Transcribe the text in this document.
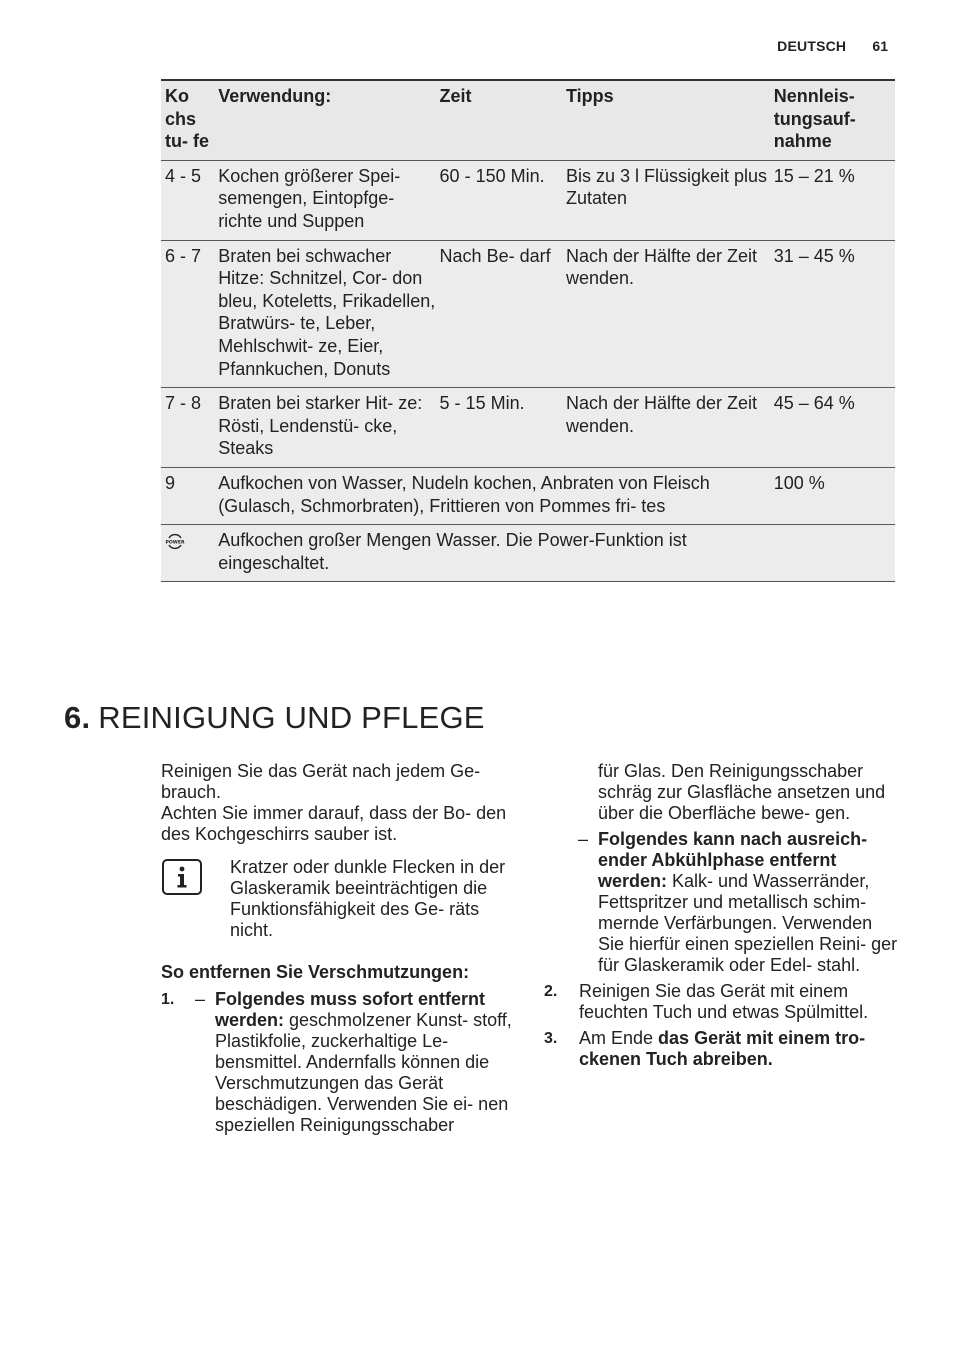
DEUTSCH 61
Ko chs tu- fe	Verwendung:	Zeit	Tipps	Nennleis- tungsauf- nahme
4 - 5	Kochen größerer Spei- semengen, Eintopfge- richte und Suppen	60 - 150 Min.	Bis zu 3 l Flüssigkeit plus Zutaten	15 – 21 %
6 - 7	Braten bei schwacher Hitze: Schnitzel, Cor- don bleu, Koteletts, Frikadellen, Bratwürs- te, Leber, Mehlschwit- ze, Eier, Pfannkuchen, Donuts	Nach Be- darf	Nach der Hälfte der Zeit wenden.	31 – 45 %
7 - 8	Braten bei starker Hit- ze: Rösti, Lendenstü- cke, Steaks	5 - 15 Min.	Nach der Hälfte der Zeit wenden.	45 – 64 %
9	Aufkochen von Wasser, Nudeln kochen, Anbraten von Fleisch (Gulasch, Schmorbraten), Frittieren von Pommes fri- tes			100 %

POWER	Aufkochen großer Mengen Wasser. Die Power-Funktion ist eingeschaltet.			
6. REINIGUNG UND PFLEGE

Reinigen Sie das Gerät nach jedem Ge- brauch.

Achten Sie immer darauf, dass der Bo- den des Kochgeschirrs sauber ist.

Kratzer oder dunkle Flecken in der Glaskeramik beeinträchtigen die Funktionsfähigkeit des Ge- räts nicht.

So entfernen Sie Verschmutzungen:

1.	– Folgendes muss sofort entfernt werden: geschmolzener Kunst- stoff, Plastikfolie, zuckerhaltige Le- bensmittel. Andernfalls können die Verschmutzungen das Gerät beschädigen. Verwenden Sie ei- nen speziellen Reinigungsschaber

für Glas. Den Reinigungsschaber schräg zur Glasfläche ansetzen und über die Oberfläche bewe- gen.

– Folgendes kann nach ausreich- ender Abkühlphase entfernt werden: Kalk- und Wasserränder, Fettspritzer und metallisch schim- mernde Verfärbungen. Verwenden Sie hierfür einen speziellen Reini- ger für Glaskeramik oder Edel- stahl.

2.	Reinigen Sie das Gerät mit einem feuchten Tuch und etwas Spülmittel.

3.	Am Ende das Gerät mit einem tro- ckenen Tuch abreiben.
